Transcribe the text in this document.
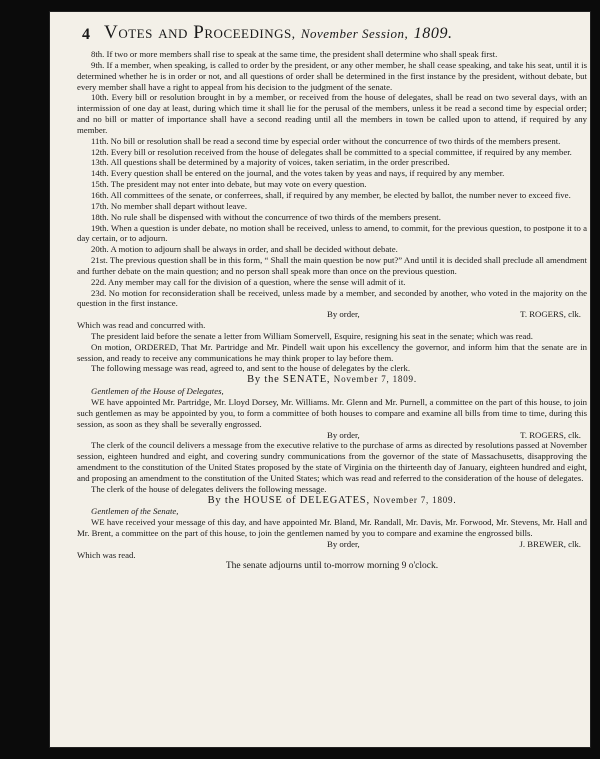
4 VOTES AND PROCEEDINGS, November Session, 1809.

8th. If two or more members shall rise to speak at the same time, the president shall determine who shall speak first.

9th. If a member, when speaking, is called to order by the president, or any other member, he shall cease speaking, and take his seat, until it is determined whether he is in order or not, and all questions of order shall be determined in the first instance by the president, without debate, but every member shall have a right to appeal from his decision to the judgment of the senate.

10th. Every bill or resolution brought in by a member, or received from the house of delegates, shall be read on two several days, with an intermission of one day at least, during which time it shall lie for the perusal of the members, unless it be read a second time by especial order; and no bill or matter of importance shall have a second reading until all the members in town be called upon to attend, if required by any member.

11th. No bill or resolution shall be read a second time by especial order without the concurrence of two thirds of the members present.

12th. Every bill or resolution received from the house of delegates shall be committed to a special committee, if required by any member.

13th. All questions shall be determined by a majority of voices, taken seriatim, in the order prescribed.

14th. Every question shall be entered on the journal, and the votes taken by yeas and nays, if required by any member.

15th. The president may not enter into debate, but may vote on every question.

16th. All committees of the senate, or conferrees, shall, if required by any member, be elected by ballot, the number never to exceed five.

17th. No member shall depart without leave.

18th. No rule shall be dispensed with without the concurrence of two thirds of the members present.

19th. When a question is under debate, no motion shall be received, unless to amend, to commit, for the previous question, to postpone it to a day certain, or to adjourn.

20th. A motion to adjourn shall be always in order, and shall be decided without debate.

21st. The previous question shall be in this form, “ Shall the main question be now put?” And until it is decided shall preclude all amendment and further debate on the main question; and no person shall speak more than once on the previous question.

22d. Any member may call for the division of a question, where the sense will admit of it.

23d. No motion for reconsideration shall be received, unless made by a member, and seconded by another, who voted in the majority on the question in the first instance.

By order,	T. ROGERS, clk.

Which was read and concurred with.

The president laid before the senate a letter from William Somervell, Esquire, resigning his seat in the senate; which was read.

On motion, ORDERED, That Mr. Partridge and Mr. Pindell wait upon his excellency the governor, and inform him that the senate are in session, and ready to receive any communications he may think proper to lay before them.

The following message was read, agreed to, and sent to the house of delegates by the clerk.

By the SENATE, November 7, 1809.

Gentlemen of the House of Delegates,

WE have appointed Mr. Partridge, Mr. Lloyd Dorsey, Mr. Williams. Mr. Glenn and Mr. Purnell, a committee on the part of this house, to join such gentlemen as may be appointed by you, to form a committee of both houses to compare and examine all bills from time to time, during this session, as soon as they shall be severally engrossed.

By order,	T. ROGERS, clk.

The clerk of the council delivers a message from the executive relative to the purchase of arms as directed by resolutions passed at November session, eighteen hundred and eight, and covering sundry communications from the governor of the state of Massachusetts, disapproving the amendment to the constitution of the United States proposed by the state of Virginia on the thirteenth day of January, eighteen hundred and eight, and proposing an amendment to the constitution of the United States; which was read and referred to the consideration of the house of delegates.

The clerk of the house of delegates delivers the following message.

By the HOUSE of DELEGATES, November 7, 1809.

Gentlemen of the Senate,

WE have received your message of this day, and have appointed Mr. Bland, Mr. Randall, Mr. Davis, Mr. Forwood, Mr. Stevens, Mr. Hall and Mr. Brent, a committee on the part of this house, to join the gentlemen named by you to compare and examine the engrossed bills.

By order,	J. BREWER, clk.

Which was read.

The senate adjourns until to-morrow morning 9 o'clock.
